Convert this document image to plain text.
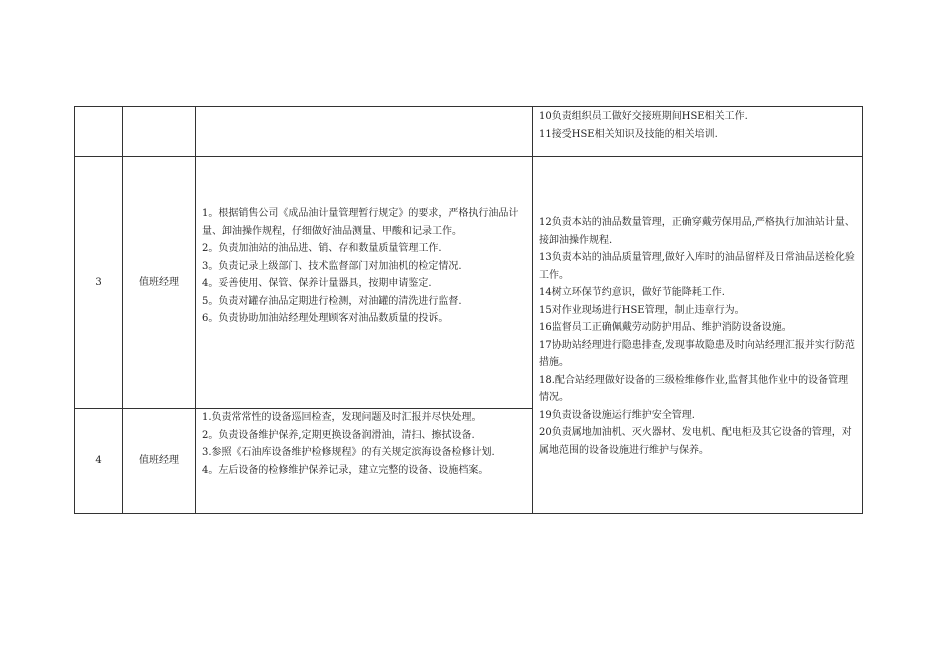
10负责组织员工做好交接班期间HSE相关工作.

11接受HSE相关知识及技能的相关培训.

3	值班经理

1。根据销售公司《成品油计量管理暂行规定》的要求，严格执行油品计量、卸油操作规程，仔细做好油品测量、甲酸和记录工作。

2。负责加油站的油品进、销、存和数量质量管理工作.

3。负责记录上级部门、技术监督部门对加油机的检定情况.

4。妥善使用、保管、保养计量器具，按期申请鉴定.

5。负责对罐存油品定期进行检测，对油罐的清洗进行监督.

6。负责协助加油站经理处理顾客对油品数质量的投诉。

4	值班经理

1.负责常常性的设备巡回检查，发现问题及时汇报并尽快处理。

2。负责设备维护保养,定期更换设备润滑油，清扫、擦拭设备.

3.参照《石油库设备维护检修规程》的有关规定滨海设备检修计划.

4。左后设备的检修维护保养记录，建立完整的设备、设施档案。

12负责本站的油品数量管理，正确穿戴劳保用品,严格执行加油站计量、接卸油操作规程.

13负责本站的油品质量管理,做好入库时的油品留样及日常油品送检化验工作。

14树立环保节约意识，做好节能降耗工作.

15对作业现场进行HSE管理，制止违章行为。

16监督员工正确佩戴劳动防护用品、维护消防设备设施。

17协助站经理进行隐患排查,发现事故隐患及时向站经理汇报并实行防范措施。

18.配合站经理做好设备的三级检维修作业,监督其他作业中的设备管理情况。

19负责设备设施运行维护安全管理.

20负责属地加油机、灭火器材、发电机、配电柜及其它设备的管理，对属地范围的设备设施进行维护与保养。
